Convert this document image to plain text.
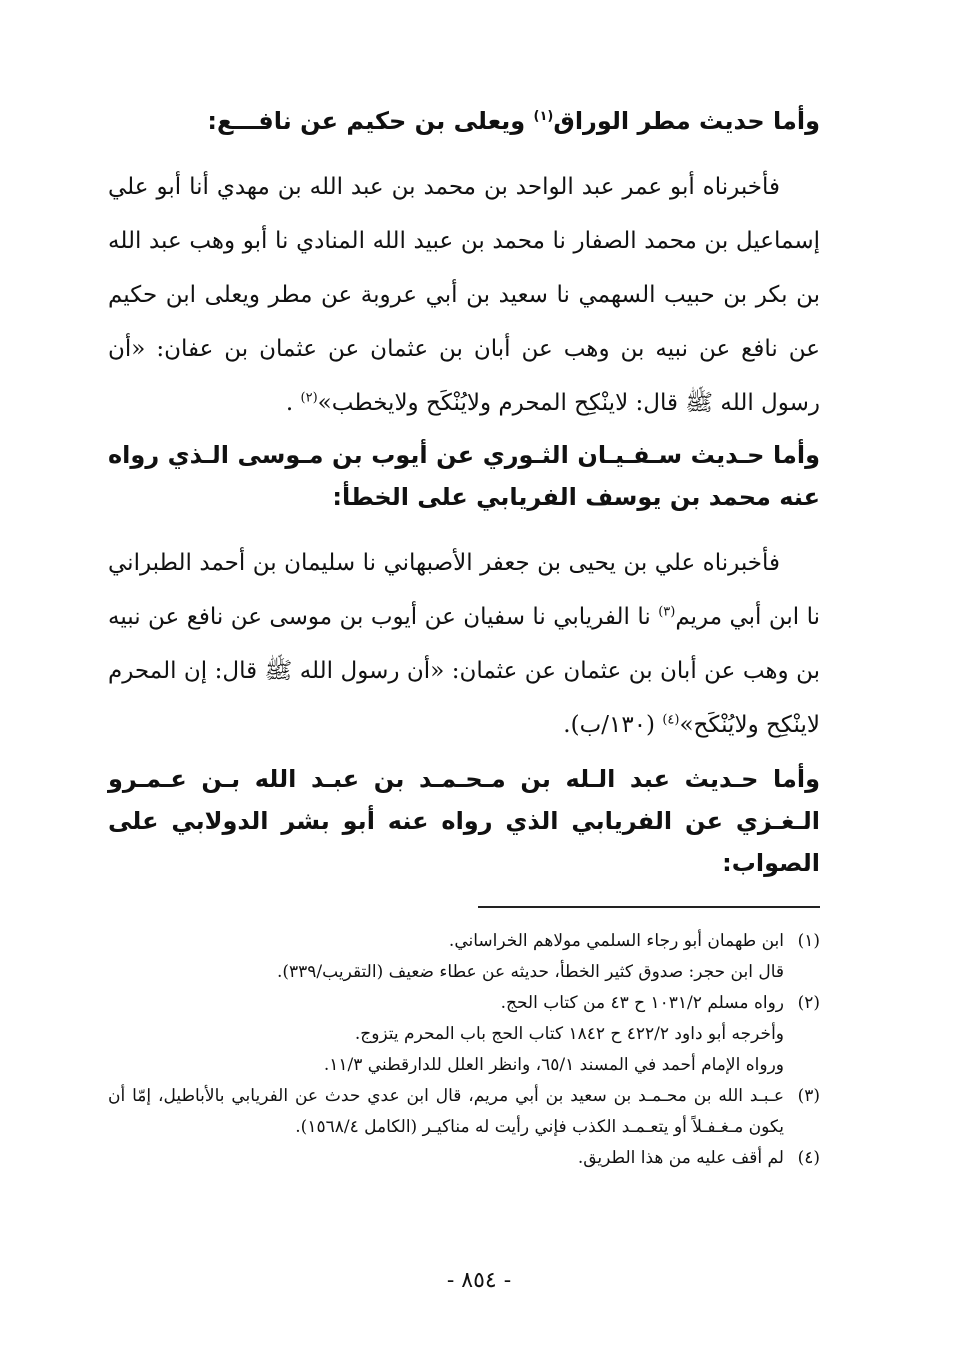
وأما حديث مطر الوراق$^{(١)}$ ويعلى بن حكيم عن نافـــع:

فأخبرناه أبو عمر عبد الواحد بن محمد بن عبد الله بن مهدي أنا أبو علي إسماعيل بن محمد الصفار نا محمد بن عبيد الله المنادي نا أبو وهب عبد الله بن بكر بن حبيب السهمي نا سعيد بن أبي عروبة عن مطر ويعلى ابن حكيم عن نافع عن نبيه بن وهب عن أبان بن عثمان عن عثمان بن عفان: «أن رسول الله ﷺ قال: لاينْكِح المحرم ولايُنْكَح ولايخطب»$^{(٢)}$ .

وأما حـديث سـفـيـان الثـوري عن أيوب بن مـوسى الـذي رواه عنه محمد بن يوسف الفريابي على الخطأ:

فأخبرناه علي بن يحيى بن جعفر الأصبهاني نا سليمان بن أحمد الطبراني نا ابن أبي مريم$^{(٣)}$ نا الفريابي نا سفيان عن أيوب بن موسى عن نافع عن نبيه بن وهب عن أبان بن عثمان عن عثمان: «أن رسول الله ﷺ قال: إن المحرم لاينْكِح ولايُنْكَح»$^{(٤)}$ (١٣٠/ب).

وأما حـديث عبد الـله بن مـحـمـد بن عبـد الله بـن عـمـرو الـغـزي عن الفريابي الذي رواه عنه أبو بشر الدولابي على الصواب:

(١)
ابن طهمان أبو رجاء السلمي مولاهم الخراساني.
قال ابن حجر: صدوق كثير الخطأ، حديثه عن عطاء ضعيف (التقريب/٣٣٩).
(٢)
رواه مسلم ١٠٣١/٢ ح ٤٣ من كتاب الحج.
وأخرجه أبو داود ٤٢٢/٢ ح ١٨٤٢ كتاب الحج باب المحرم يتزوج.
ورواه الإمام أحمد في المسند ٦٥/١، وانظر العلل للدارقطني ١١/٣.
(٣)
عـبـد الله بن محـمـد بن سعيد بن أبي مريم، قال ابن عدي حدث عن الفريابي بالأباطيل، إمّا أن يكون مـغـفـلاً أو يتعـمـد الكذب فإني رأيت له مناكيـر (الكامل ١٥٦٨/٤).
(٤)
لم أقف عليه من هذا الطريق.
- ٨٥٤ -
